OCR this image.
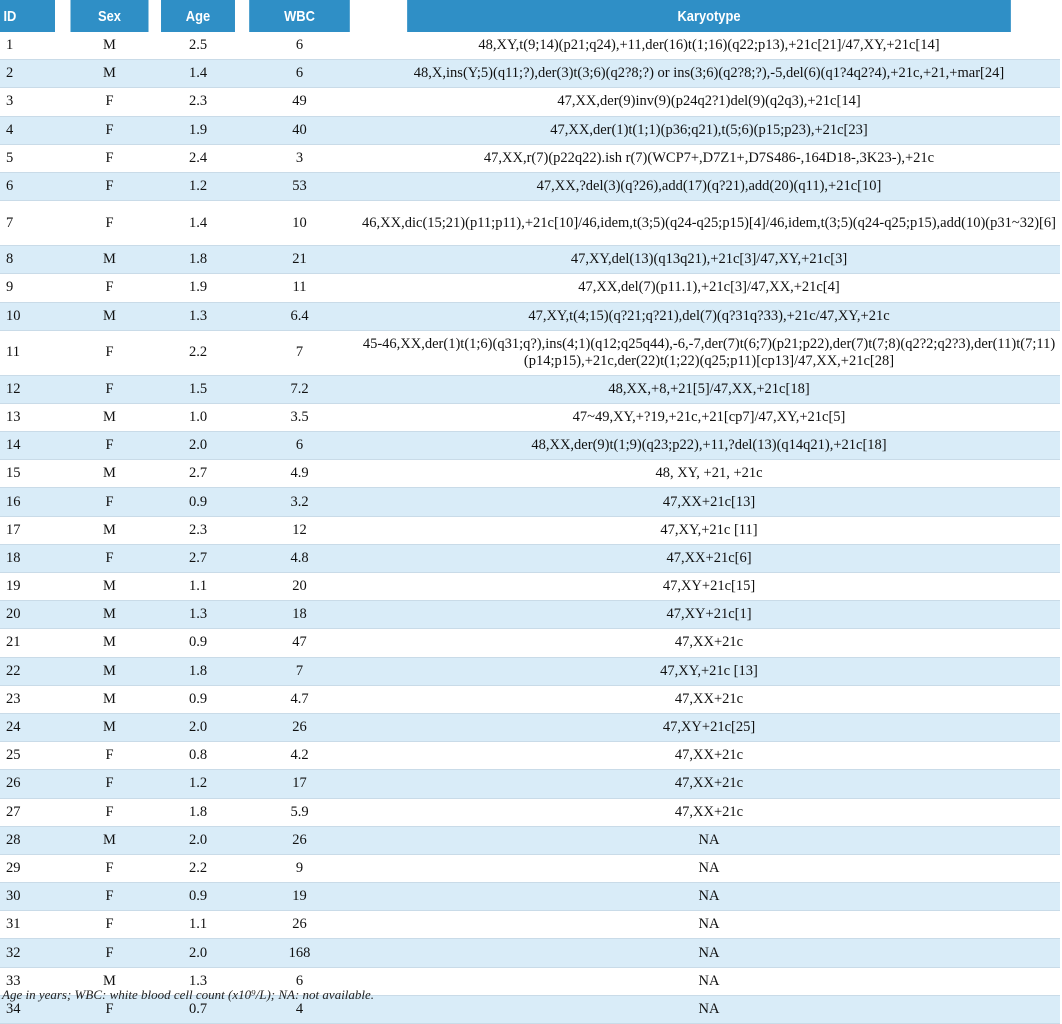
ID	Sex	Age	WBC	Karyotype
1	M	2.5	6	48,XY,t(9;14)(p21;q24),+11,der(16)t(1;16)(q22;p13),+21c[21]/47,XY,+21c[14]
2	M	1.4	6	48,X,ins(Y;5)(q11;?),der(3)t(3;6)(q2?8;?) or ins(3;6)(q2?8;?),-5,del(6)(q1?4q2?4),+21c,+21,+mar[24]
3	F	2.3	49	47,XX,der(9)inv(9)(p24q2?1)del(9)(q2q3),+21c[14]
4	F	1.9	40	47,XX,der(1)t(1;1)(p36;q21),t(5;6)(p15;p23),+21c[23]
5	F	2.4	3	47,XX,r(7)(p22q22).ish r(7)(WCP7+,D7Z1+,D7S486-,164D18-,3K23-),+21c
6	F	1.2	53	47,XX,?del(3)(q?26),add(17)(q?21),add(20)(q11),+21c[10]
7	F	1.4	10	46,XX,dic(15;21)(p11;p11),+21c[10]/46,idem,t(3;5)(q24-q25;p15)[4]/46,idem,t(3;5)(q24-q25;p15),add(10)(p31~32)[6]
8	M	1.8	21	47,XY,del(13)(q13q21),+21c[3]/47,XY,+21c[3]
9	F	1.9	11	47,XX,del(7)(p11.1),+21c[3]/47,XX,+21c[4]
10	M	1.3	6.4	47,XY,t(4;15)(q?21;q?21),del(7)(q?31q?33),+21c/47,XY,+21c
11	F	2.2	7	45-46,XX,der(1)t(1;6)(q31;q?),ins(4;1)(q12;q25q44),-6,-7,der(7)t(6;7)(p21;p22),der(7)t(7;8)(q2?2;q2?3),der(11)t(7;11)(p14;p15),+21c,der(22)t(1;22)(q25;p11)[cp13]/47,XX,+21c[28]
12	F	1.5	7.2	48,XX,+8,+21[5]/47,XX,+21c[18]
13	M	1.0	3.5	47~49,XY,+?19,+21c,+21[cp7]/47,XY,+21c[5]
14	F	2.0	6	48,XX,der(9)t(1;9)(q23;p22),+11,?del(13)(q14q21),+21c[18]
15	M	2.7	4.9	48, XY, +21, +21c
16	F	0.9	3.2	47,XX+21c[13]
17	M	2.3	12	47,XY,+21c [11]
18	F	2.7	4.8	47,XX+21c[6]
19	M	1.1	20	47,XY+21c[15]
20	M	1.3	18	47,XY+21c[1]
21	M	0.9	47	47,XX+21c
22	M	1.8	7	47,XY,+21c [13]
23	M	0.9	4.7	47,XX+21c
24	M	2.0	26	47,XY+21c[25]
25	F	0.8	4.2	47,XX+21c
26	F	1.2	17	47,XX+21c
27	F	1.8	5.9	47,XX+21c
28	M	2.0	26	NA
29	F	2.2	9	NA
30	F	0.9	19	NA
31	F	1.1	26	NA
32	F	2.0	168	NA
33	M	1.3	6	NA
34	F	0.7	4	NA
Age in years; WBC: white blood cell count (x10⁹/L); NA: not available.
